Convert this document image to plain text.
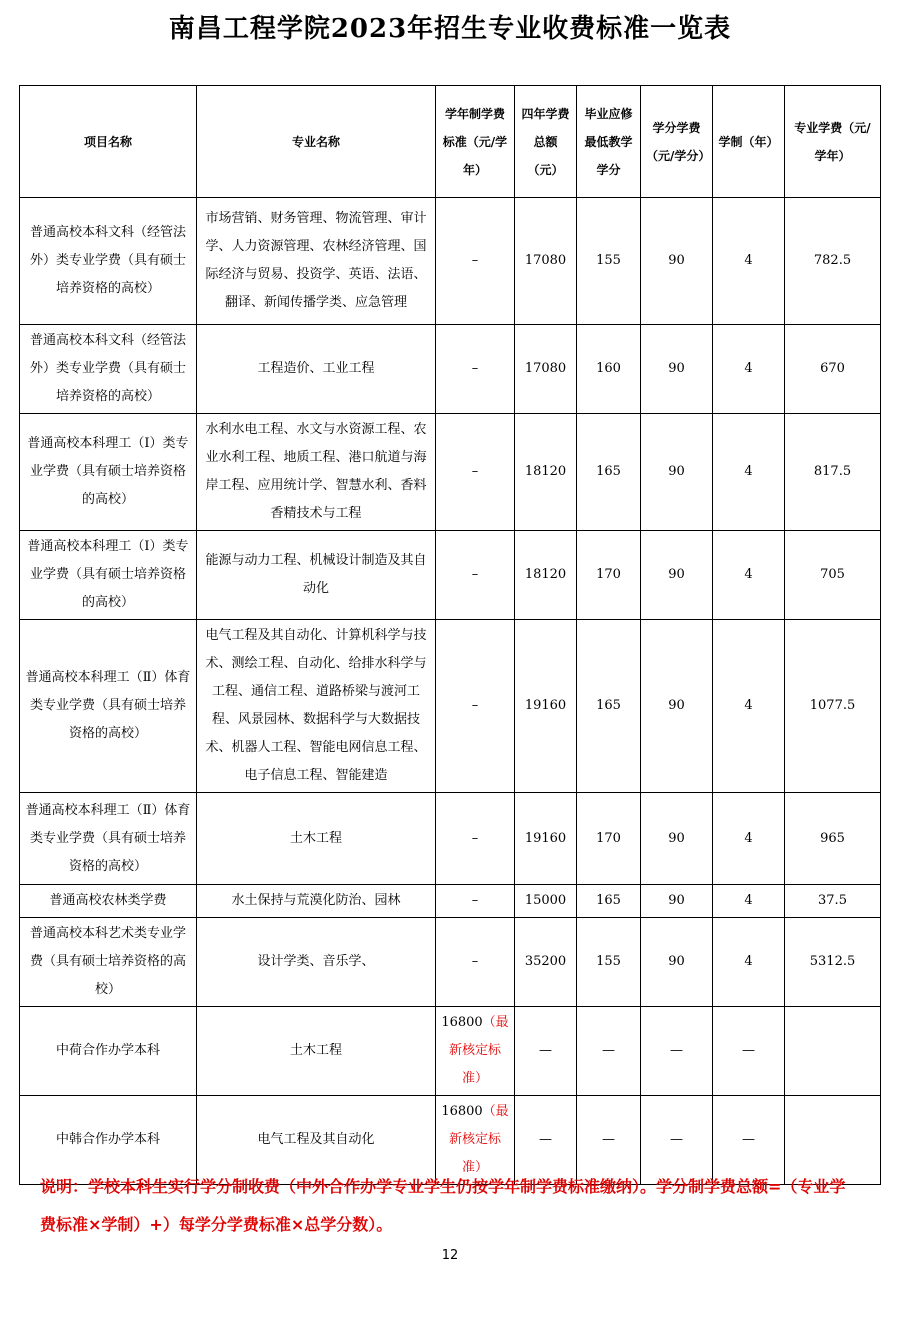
南昌工程学院2023年招生专业收费标准一览表
项目名称	专业名称	学年制学费标准（元/学年）	四年学费总额（元）	毕业应修最低教学学分	学分学费（元/学分）	学制（年）	专业学费（元/学年）
普通高校本科文科（经管法外）类专业学费（具有硕士培养资格的高校）	市场营销、财务管理、物流管理、审计学、人力资源管理、农林经济管理、国际经济与贸易、投资学、英语、法语、翻译、新闻传播学类、应急管理	–	17080	155	90	4	782.5
普通高校本科文科（经管法外）类专业学费（具有硕士培养资格的高校）	工程造价、工业工程	–	17080	160	90	4	670
普通高校本科理工（Ⅰ）类专业学费（具有硕士培养资格的高校）	水利水电工程、水文与水资源工程、农业水利工程、地质工程、港口航道与海岸工程、应用统计学、智慧水利、香料香精技术与工程	–	18120	165	90	4	817.5
普通高校本科理工（Ⅰ）类专业学费（具有硕士培养资格的高校）	能源与动力工程、机械设计制造及其自动化	–	18120	170	90	4	705
普通高校本科理工（Ⅱ）体育类专业学费（具有硕士培养资格的高校）	电气工程及其自动化、计算机科学与技术、测绘工程、自动化、给排水科学与工程、通信工程、道路桥梁与渡河工程、风景园林、数据科学与大数据技术、机器人工程、智能电网信息工程、电子信息工程、智能建造	–	19160	165	90	4	1077.5
普通高校本科理工（Ⅱ）体育类专业学费（具有硕士培养资格的高校）	土木工程	–	19160	170	90	4	965
普通高校农林类学费	水土保持与荒漠化防治、园林	–	15000	165	90	4	37.5
普通高校本科艺术类专业学费（具有硕士培养资格的高校）	设计学类、音乐学、	–	35200	155	90	4	5312.5
中荷合作办学本科	土木工程	16800（最新核定标准）	—	—	—	—	
中韩合作办学本科	电气工程及其自动化	16800（最新核定标准）	—	—	—	—	
说明：学校本科生实行学分制收费（中外合作办学专业学生仍按学年制学费标准缴纳）。学分制学费总额=（专业学费标准×学制）+）每学分学费标准×总学分数）。
12
